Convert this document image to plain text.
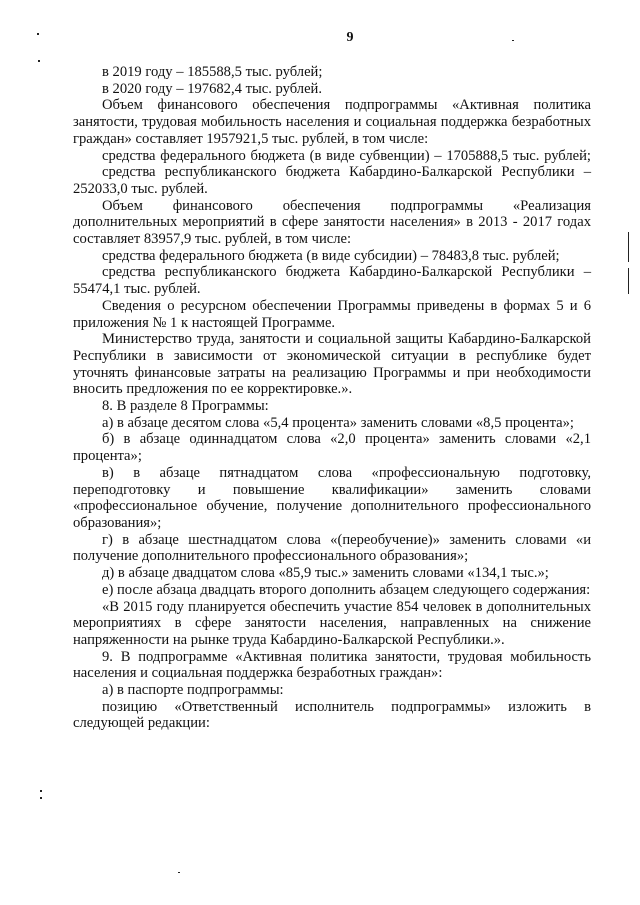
9

в 2019 году – 185588,5 тыс. рублей;

в 2020 году – 197682,4 тыс. рублей.

Объем финансового обеспечения подпрограммы «Активная политика занятости, трудовая мобильность населения и социальная поддержка безработных граждан» составляет 1957921,5 тыс. рублей, в том числе:

средства федерального бюджета (в виде субвенции) – 1705888,5 тыс. рублей;

средства республиканского бюджета Кабардино-Балкарской Республики – 252033,0 тыс. рублей.

Объем финансового обеспечения подпрограммы «Реализация дополнительных мероприятий в сфере занятости населения» в 2013 - 2017 годах составляет 83957,9 тыс. рублей, в том числе:

средства федерального бюджета (в виде субсидии) – 78483,8 тыс. рублей;

средства республиканского бюджета Кабардино-Балкарской Республики – 55474,1 тыс. рублей.

Сведения о ресурсном обеспечении Программы приведены в формах 5 и 6 приложения № 1 к настоящей Программе.

Министерство труда, занятости и социальной защиты Кабардино-Балкарской Республики в зависимости от экономической ситуации в республике будет уточнять финансовые затраты на реализацию Программы и при необходимости вносить предложения по ее корректировке.».

8. В разделе 8 Программы:

а) в абзаце десятом слова «5,4 процента» заменить словами «8,5 процента»;

б) в абзаце одиннадцатом слова «2,0 процента» заменить словами «2,1 процента»;

в) в абзаце пятнадцатом слова «профессиональную подготовку, переподготовку и повышение квалификации» заменить словами «профессиональное обучение, получение дополнительного профессионального образования»;

г) в абзаце шестнадцатом слова «(переобучение)» заменить словами «и получение дополнительного профессионального образования»;

д) в абзаце двадцатом слова «85,9 тыс.» заменить словами «134,1 тыс.»;

е) после абзаца двадцать второго дополнить абзацем следующего содержания:

«В 2015 году планируется обеспечить участие 854 человек в дополнительных мероприятиях в сфере занятости населения, направленных на снижение напряженности на рынке труда Кабардино-Балкарской Республики.».

9. В подпрограмме «Активная политика занятости, трудовая мобильность населения и социальная поддержка безработных граждан»:

а) в паспорте подпрограммы:

позицию «Ответственный исполнитель подпрограммы» изложить в следующей редакции:
